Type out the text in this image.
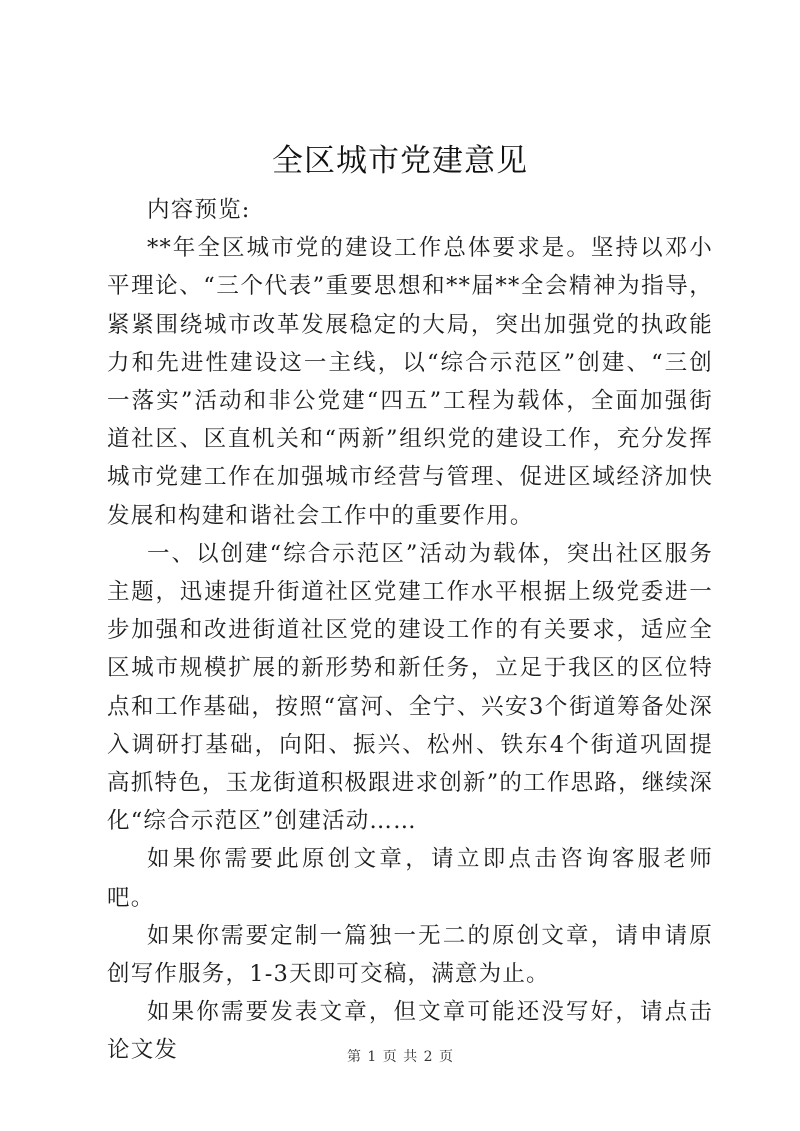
全区城市党建意见

内容预览:

**年全区城市党的建设工作总体要求是。坚持以邓小平理论、“三个代表”重要思想和**届**全会精神为指导，紧紧围绕城市改革发展稳定的大局，突出加强党的执政能力和先进性建设这一主线，以“综合示范区”创建、“三创一落实”活动和非公党建“四五”工程为载体，全面加强街道社区、区直机关和“两新”组织党的建设工作，充分发挥城市党建工作在加强城市经营与管理、促进区域经济加快发展和构建和谐社会工作中的重要作用。

一、以创建“综合示范区”活动为载体，突出社区服务主题，迅速提升街道社区党建工作水平根据上级党委进一步加强和改进街道社区党的建设工作的有关要求，适应全区城市规模扩展的新形势和新任务，立足于我区的区位特点和工作基础，按照“富河、全宁、兴安3个街道筹备处深入调研打基础，向阳、振兴、松州、铁东4个街道巩固提高抓特色，玉龙街道积极跟进求创新”的工作思路，继续深化“综合示范区”创建活动……

如果你需要此原创文章，请立即点击咨询客服老师吧。

如果你需要定制一篇独一无二的原创文章，请申请原创写作服务，1-3天即可交稿，满意为止。

如果你需要发表文章，但文章可能还没写好，请点击论文发	第 1 页 共 2 页
